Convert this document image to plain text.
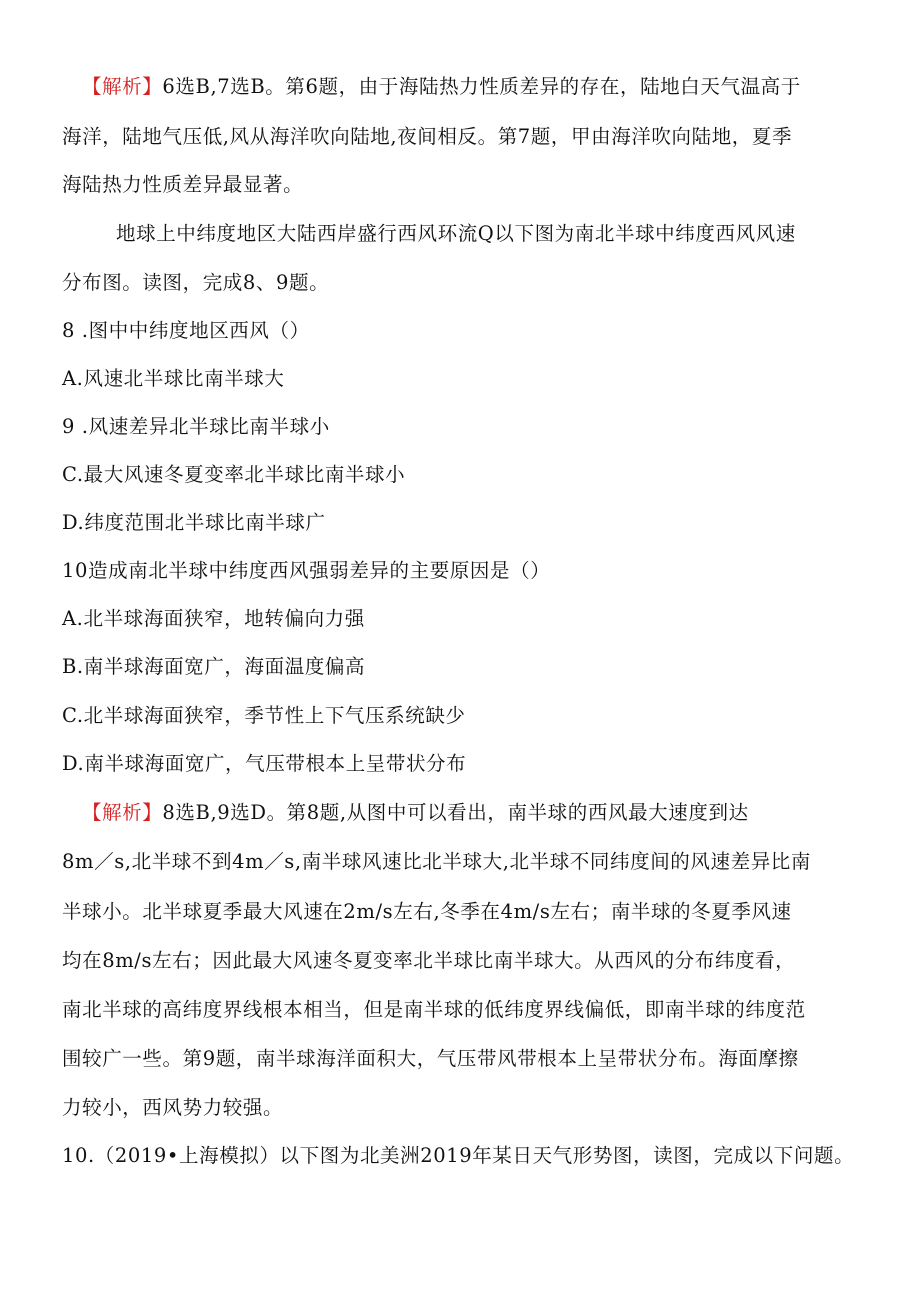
【解析】6选B,7选B。第6题，由于海陆热力性质差异的存在，陆地白天气温高于
海洋，陆地气压低,风从海洋吹向陆地,夜间相反。第7题，甲由海洋吹向陆地，夏季
海陆热力性质差异最显著。
地球上中纬度地区大陆西岸盛行西风环流Q以下图为南北半球中纬度西风风速
分布图。读图，完成8、9题。
8 .图中中纬度地区西风（）
A.风速北半球比南半球大
9 .风速差异北半球比南半球小
C.最大风速冬夏变率北半球比南半球小
D.纬度范围北半球比南半球广
10造成南北半球中纬度西风强弱差异的主要原因是（）
A.北半球海面狭窄，地转偏向力强
B.南半球海面宽广，海面温度偏高
C.北半球海面狭窄，季节性上下气压系统缺少
D.南半球海面宽广，气压带根本上呈带状分布
【解析】8选B,9选D。第8题,从图中可以看出，南半球的西风最大速度到达
8m／s,北半球不到4m／s,南半球风速比北半球大,北半球不同纬度间的风速差异比南
半球小。北半球夏季最大风速在2m/s左右,冬季在4m/s左右；南半球的冬夏季风速
均在8m/s左右；因此最大风速冬夏变率北半球比南半球大。从西风的分布纬度看，
南北半球的高纬度界线根本相当，但是南半球的低纬度界线偏低，即南半球的纬度范
围较广一些。第9题，南半球海洋面积大，气压带风带根本上呈带状分布。海面摩擦
力较小，西风势力较强。
10.（2019•上海模拟）以下图为北美洲2019年某日天气形势图，读图，完成以下问题。
